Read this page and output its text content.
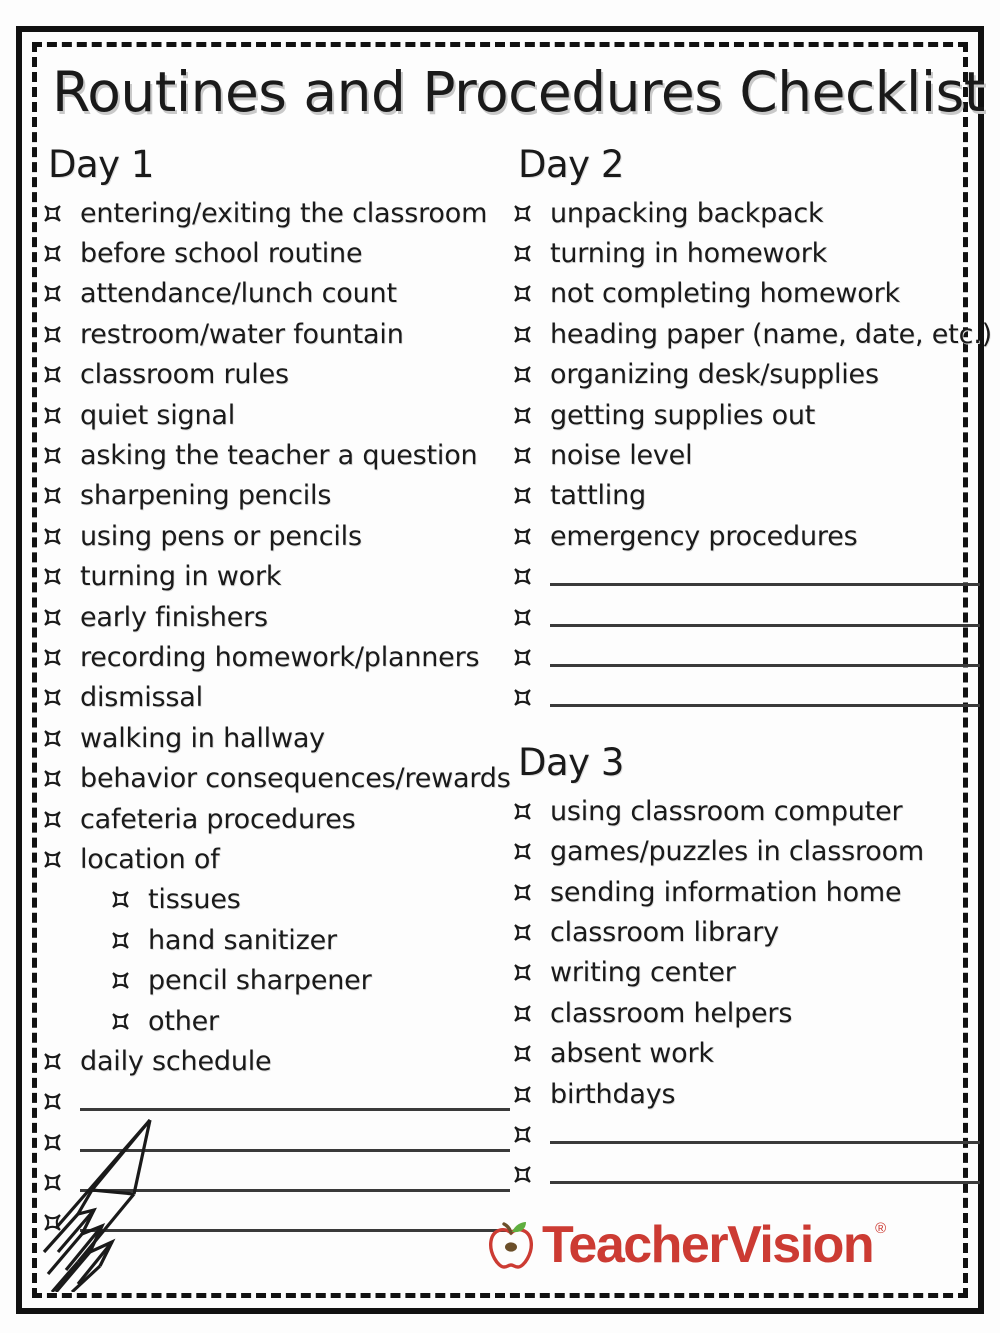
Routines and Procedures Checklist
Day 1
entering/exiting the classroom
before school routine
attendance/lunch count
restroom/water fountain
classroom rules
quiet signal
asking the teacher a question
sharpening pencils
using pens or pencils
turning in work
early finishers
recording homework/planners
dismissal
walking in hallway
behavior consequences/rewards
cafeteria procedures
location of
tissues
hand sanitizer
pencil sharpener
other
daily schedule
Day 2
unpacking backpack
turning in homework
not completing homework
heading paper (name, date, etc.)
organizing desk/supplies
getting supplies out
noise level
tattling
emergency procedures
Day 3
using classroom computer
games/puzzles in classroom
sending information home
classroom library
writing center
classroom helpers
absent work
birthdays
TeacherVision ®
